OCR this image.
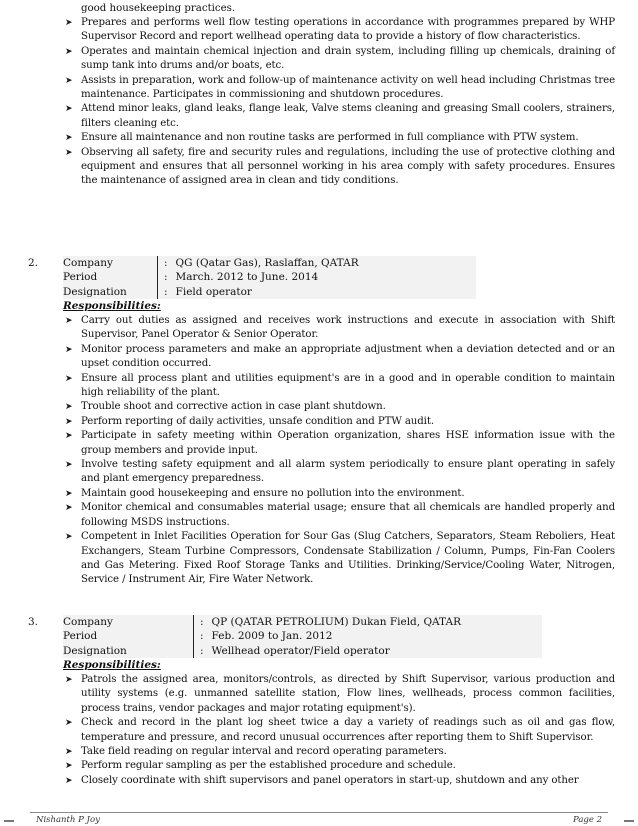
good housekeeping practices.
➤ Prepares and performs well flow testing operations in accordance with programmes prepared by WHP Supervisor Record and report wellhead operating data to provide a history of flow characteristics.
➤ Operates and maintain chemical injection and drain system, including filling up chemicals, draining of sump tank into drums and/or boats, etc.
➤ Assists in preparation, work and follow-up of maintenance activity on well head including Christmas tree maintenance. Participates in commissioning and shutdown procedures.
➤ Attend minor leaks, gland leaks, flange leak, Valve stems cleaning and greasing Small coolers, strainers, filters cleaning etc.
➤ Ensure all maintenance and non routine tasks are performed in full compliance with PTW system.
➤ Observing all safety, fire and security rules and regulations, including the use of protective clothing and equipment and ensures that all personnel working in his area comply with safety procedures. Ensures the maintenance of assigned area in clean and tidy conditions.
2. Company	:	QG (Qatar Gas), Raslaffan, QATAR
Period	:	March. 2012 to June. 2014
Designation	:	Field operator
Responsibilities:
➤ Carry out duties as assigned and receives work instructions and execute in association with Shift Supervisor, Panel Operator & Senior Operator.
➤ Monitor process parameters and make an appropriate adjustment when a deviation detected and or an upset condition occurred.
➤ Ensure all process plant and utilities equipment's are in a good and in operable condition to maintain high reliability of the plant.
➤ Trouble shoot and corrective action in case plant shutdown.
➤ Perform reporting of daily activities, unsafe condition and PTW audit.
➤ Participate in safety meeting within Operation organization, shares HSE information issue with the group members and provide input.
➤ Involve testing safety equipment and all alarm system periodically to ensure plant operating in safely and plant emergency preparedness.
➤ Maintain good housekeeping and ensure no pollution into the environment.
➤ Monitor chemical and consumables material usage; ensure that all chemicals are handled properly and following MSDS instructions.
➤ Competent in Inlet Facilities Operation for Sour Gas (Slug Catchers, Separators, Steam Reboliers, Heat Exchangers, Steam Turbine Compressors, Condensate Stabilization / Column, Pumps, Fin-Fan Coolers and Gas Metering. Fixed Roof Storage Tanks and Utilities. Drinking/Service/Cooling Water, Nitrogen, Service / Instrument Air, Fire Water Network.
3. Company	:	QP (QATAR PETROLIUM) Dukan Field, QATAR
Period	:	Feb. 2009 to Jan. 2012
Designation	:	Wellhead operator/Field operator
Responsibilities:
➤ Patrols the assigned area, monitors/controls, as directed by Shift Supervisor, various production and utility systems (e.g. unmanned satellite station, Flow lines, wellheads, process common facilities, process trains, vendor packages and major rotating equipment's).
➤ Check and record in the plant log sheet twice a day a variety of readings such as oil and gas flow, temperature and pressure, and record unusual occurrences after reporting them to Shift Supervisor.
➤ Take field reading on regular interval and record operating parameters.
➤ Perform regular sampling as per the established procedure and schedule.
➤ Closely coordinate with shift supervisors and panel operators in start-up, shutdown and any other
Nishanth P Joy	Page 2
